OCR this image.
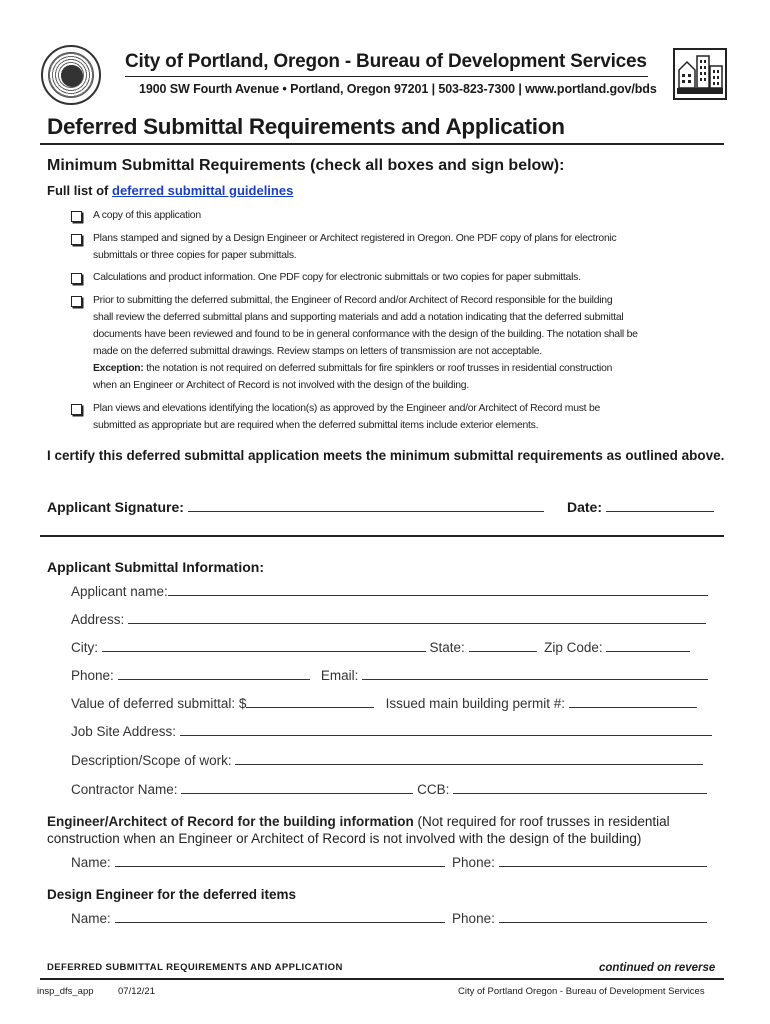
City of Portland, Oregon - Bureau of Development Services
1900 SW Fourth Avenue • Portland, Oregon 97201 | 503-823-7300 | www.portland.gov/bds
Deferred Submittal Requirements and Application
Minimum Submittal Requirements (check all boxes and sign below):
Full list of deferred submittal guidelines
A copy of this application
Plans stamped and signed by a Design Engineer or Architect registered in Oregon. One PDF copy of plans for electronic
submittals or three copies for paper submittals.
Calculations and product information. One PDF copy for electronic submittals or two copies for paper submittals.
Prior to submitting the deferred submittal, the Engineer of Record and/or Architect of Record responsible for the building
shall review the deferred submittal plans and supporting materials and add a notation indicating that the deferred submittal
documents have been reviewed and found to be in general conformance with the design of the building. The notation shall be
made on the deferred submittal drawings. Review stamps on letters of transmission are not acceptable.
Exception: the notation is not required on deferred submittals for fire spinklers or roof trusses in residential construction
when an Engineer or Architect of Record is not involved with the design of the building.
Plan views and elevations identifying the location(s) as approved by the Engineer and/or Architect of Record must be
submitted as appropriate but are required when the deferred submittal items include exterior elements.
I certify this deferred submittal application meets the minimum submittal requirements as outlined above.
Applicant Signature:	Date:
Applicant Submittal Information:
Applicant name:
Address:
City:	State:	Zip Code:
Phone:	Email:
Value of deferred submittal: $	Issued main building permit #:
Job Site Address:
Description/Scope of work:
Contractor Name:	CCB:
Engineer/Architect of Record for the building information (Not required for roof trusses in residential construction when an Engineer or Architect of Record is not involved with the design of the building)
Name:	Phone:
Design Engineer for the deferred items
Name:	Phone:
DEFERRED SUBMITTAL REQUIREMENTS AND APPLICATION	continued on reverse
insp_dfs_app	07/12/21	City of Portland Oregon - Bureau of Development Services
